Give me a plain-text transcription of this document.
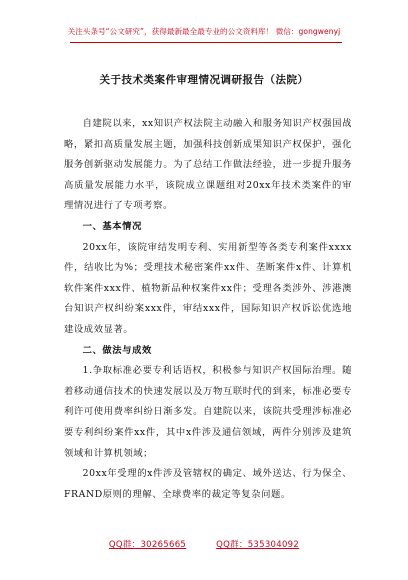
关注头条号“公文研究”，获得最新最全最专业的公文资料库！ 微信：gongwenyj
关于技术类案件审理情况调研报告（法院）

自建院以来，xx知识产权法院主动融入和服务知识产权强国战略，紧扣高质量发展主题，加强科技创新成果知识产权保护，强化服务创新驱动发展能力。为了总结工作做法经验，进一步提升服务高质量发展能力水平，该院成立课题组对20xx年技术类案件的审理情况进行了专项考察。

一、基本情况

20xx年，该院审结发明专利、实用新型等各类专利案件xxxx件，结收比为%；受理技术秘密案件xx件、垄断案件x件、计算机软件案件xxx件、植物新品种权案件xx件；受理各类涉外、涉港澳台知识产权纠纷案xxx件，审结xxx件，国际知识产权诉讼优选地建设成效显著。

二、做法与成效

1.争取标准必要专利话语权，积极参与知识产权国际治理。随着移动通信技术的快速发展以及万物互联时代的到来，标准必要专利许可使用费率纠纷日渐多发。自建院以来，该院共受理涉标准必要专利纠纷案件xx件，其中x件涉及通信领域，两件分别涉及建筑领域和计算机领域；

20xx年受理的x件涉及管辖权的确定、域外送达、行为保全、FRAND原则的理解、全球费率的裁定等复杂问题。

QQ群：30265665	QQ群：535304092
